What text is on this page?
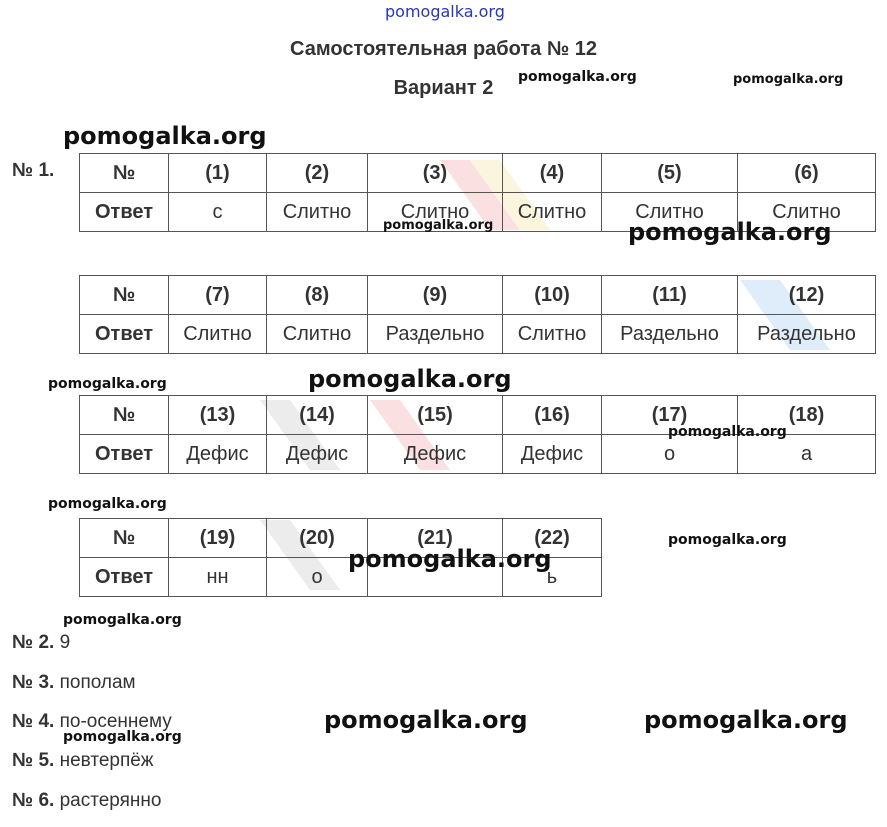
pomogalka.org
Самостоятельная работа № 12
Вариант 2	pomogalka.org	pomogalka.org
pomogalka.org
№ 1.	№	(1)	(2)	(3)	(4)	(5)	(6)
Ответ	с	Слитно	Слитно	Слитно	Слитно	Слитно
pomogalka.org	pomogalka.org
№	(7)	(8)	(9)	(10)	(11)	(12)
Ответ	Слитно	Слитно	Раздельно	Слитно	Раздельно	Раздельно
pomogalka.org	pomogalka.org
№	(13)	(14)	(15)	(16)	(17)	(18)
Ответ	Дефис	Дефис	Дефис	Дефис	о	а
pomogalka.org
pomogalka.org
№	(19)	(20)	(21)	(22)
Ответ	нн	о		ь
pomogalka.org
pomogalka.org
pomogalka.org
№ 2. 9
№ 3. пополам
№ 4. по-осеннему
pomogalka.org
pomogalka.org	pomogalka.org
№ 5. невтерпёж
№ 6. растерянно
